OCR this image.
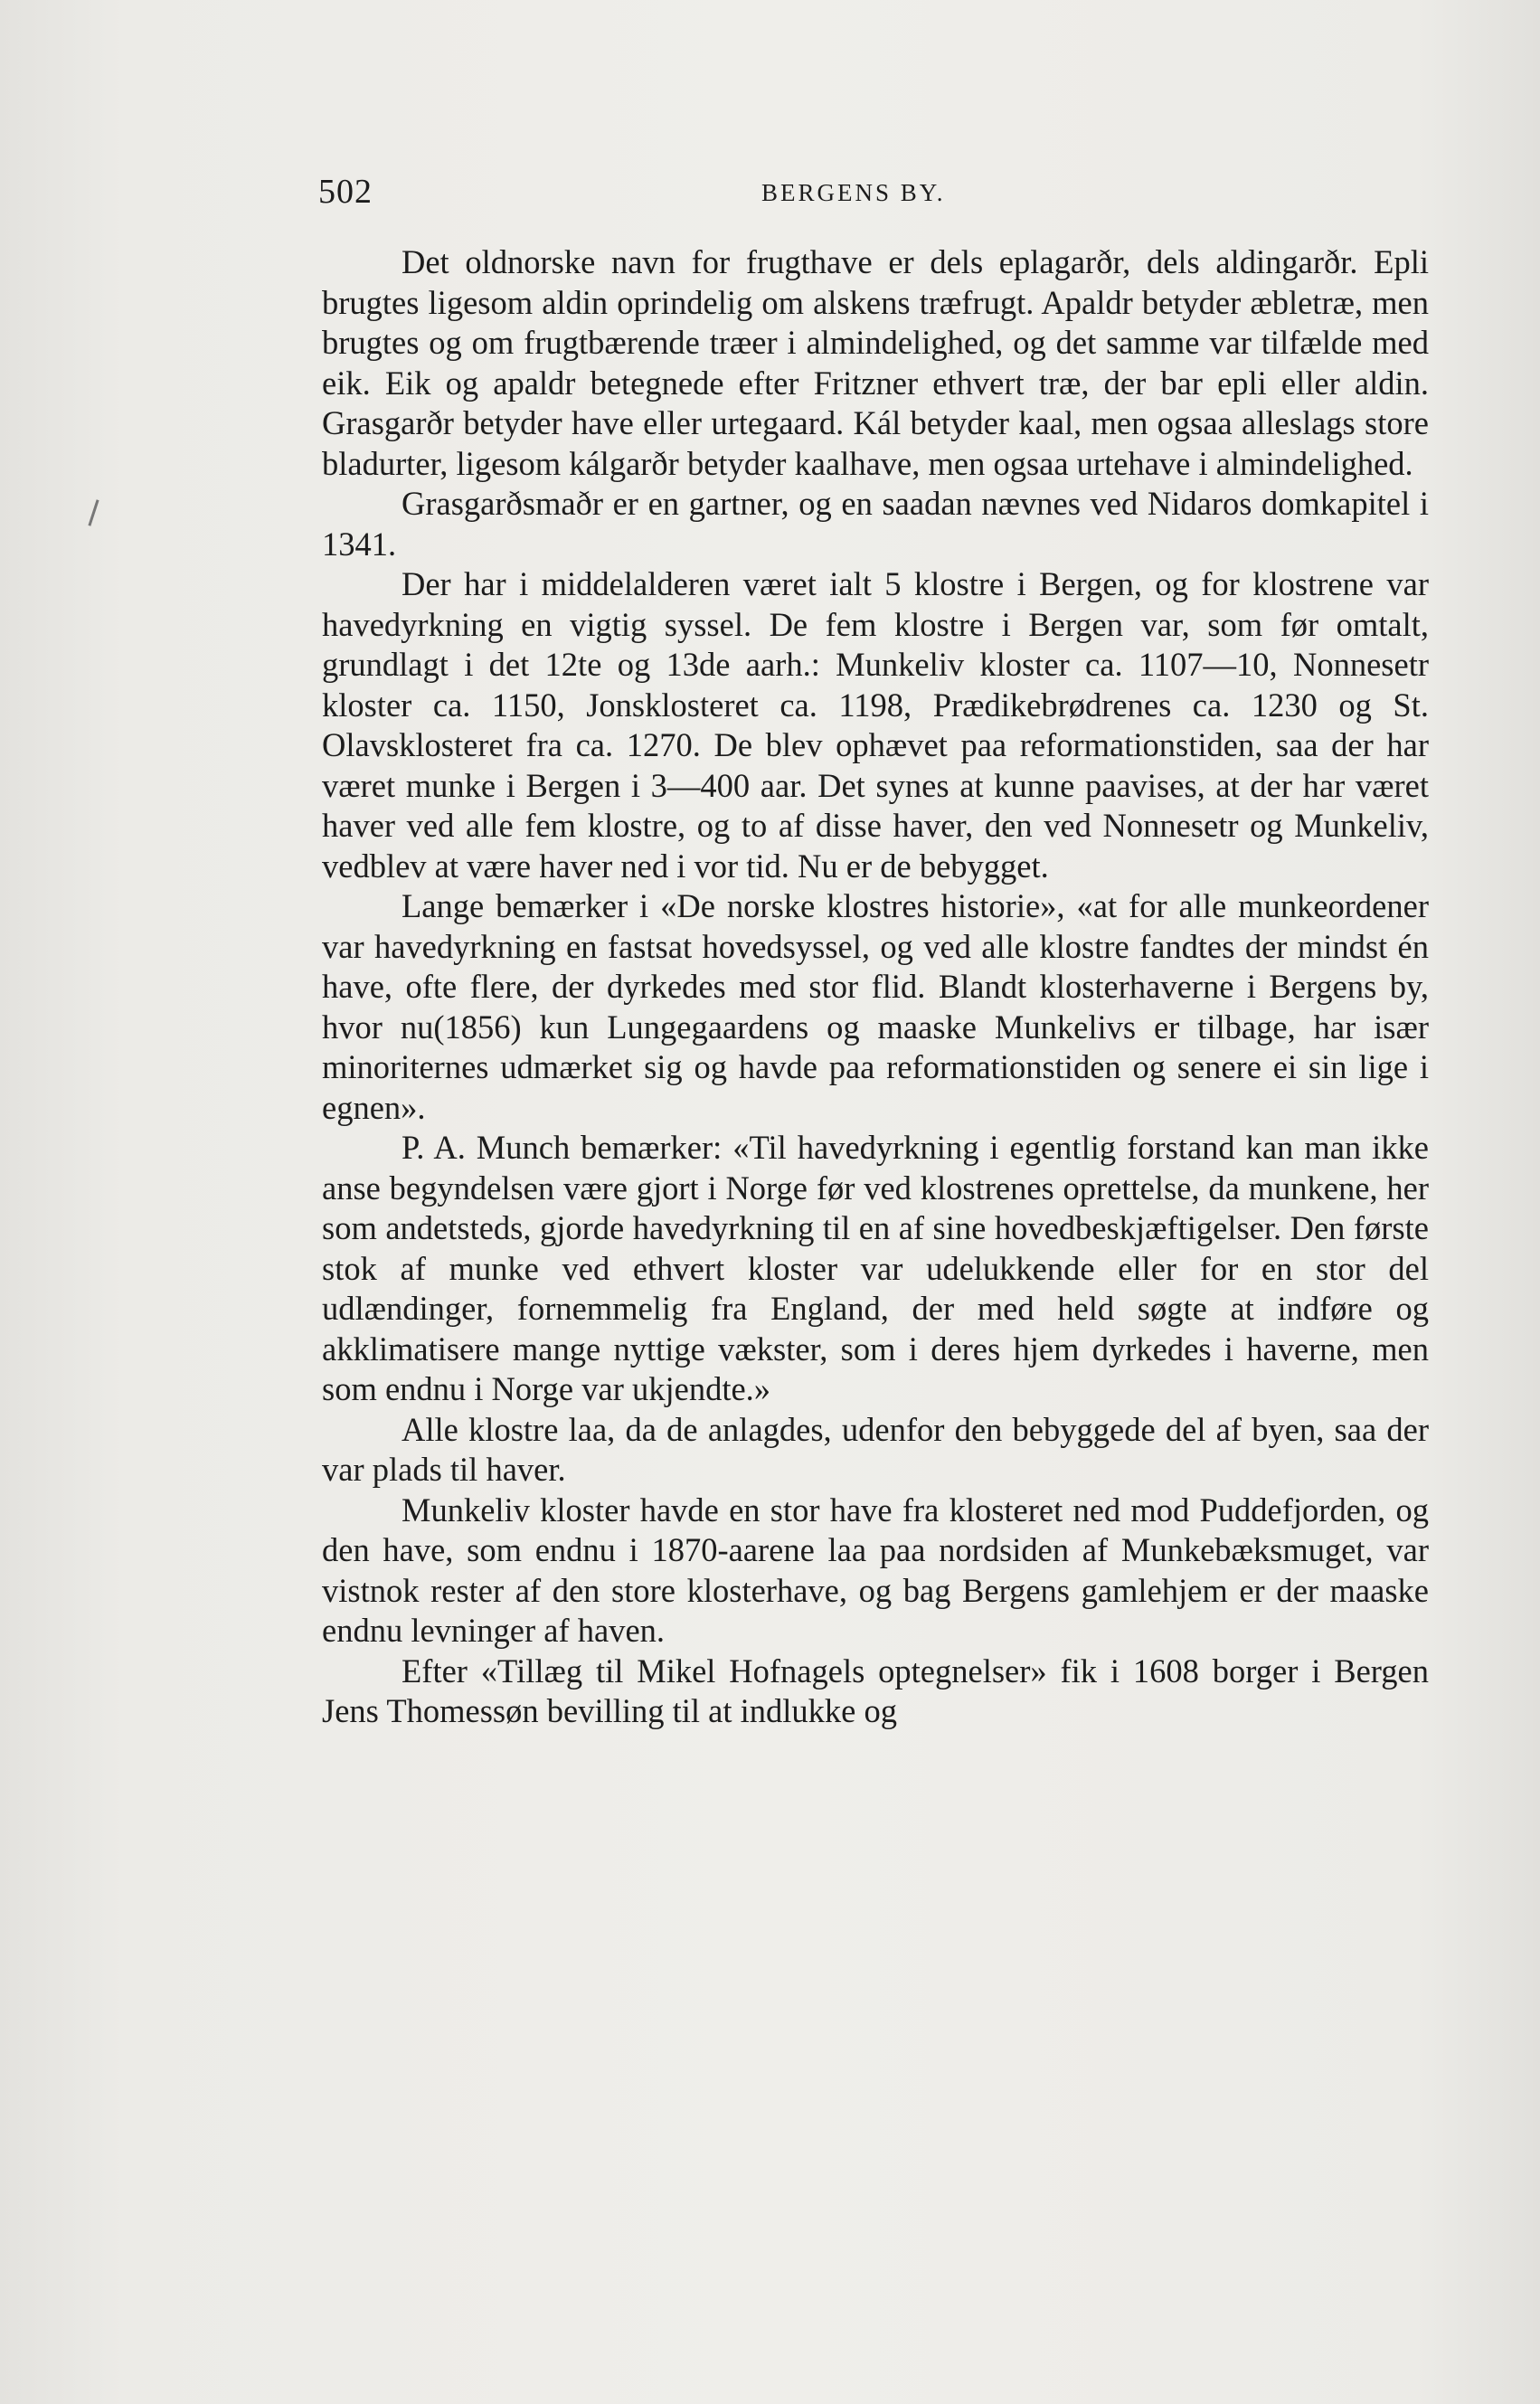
502	BERGENS BY.

Det oldnorske navn for frugthave er dels eplagarðr, dels aldingarðr. Epli brugtes ligesom aldin oprindelig om alskens træfrugt. Apaldr betyder æbletræ, men brugtes og om frugtbærende træer i almindelighed, og det samme var tilfælde med eik. Eik og apaldr betegnede efter Fritzner ethvert træ, der bar epli eller aldin. Grasgarðr betyder have eller urtegaard. Kál betyder kaal, men ogsaa alleslags store bladurter, ligesom kálgarðr betyder kaalhave, men ogsaa urtehave i almindelighed.

Grasgarðsmaðr er en gartner, og en saadan nævnes ved Nidaros domkapitel i 1341.

Der har i middelalderen været ialt 5 klostre i Bergen, og for klostrene var havedyrkning en vigtig syssel. De fem klostre i Bergen var, som før omtalt, grundlagt i det 12te og 13de aarh.: Munkeliv kloster ca. 1107—10, Nonnesetr kloster ca. 1150, Jonsklosteret ca. 1198, Prædikebrødrenes ca. 1230 og St. Olavsklosteret fra ca. 1270. De blev ophævet paa reformationstiden, saa der har været munke i Bergen i 3—400 aar. Det synes at kunne paavises, at der har været haver ved alle fem klostre, og to af disse haver, den ved Nonnesetr og Munkeliv, vedblev at være haver ned i vor tid. Nu er de bebygget.

Lange bemærker i «De norske klostres historie», «at for alle munkeordener var havedyrkning en fastsat hovedsyssel, og ved alle klostre fandtes der mindst én have, ofte flere, der dyrkedes med stor flid. Blandt klosterhaverne i Bergens by, hvor nu(1856) kun Lungegaardens og maaske Munkelivs er tilbage, har især minoriternes udmærket sig og havde paa reformationstiden og senere ei sin lige i egnen».

P. A. Munch bemærker: «Til havedyrkning i egentlig forstand kan man ikke anse begyndelsen være gjort i Norge før ved klostrenes oprettelse, da munkene, her som andetsteds, gjorde havedyrkning til en af sine hovedbeskjæftigelser. Den første stok af munke ved ethvert kloster var udelukkende eller for en stor del udlændinger, fornemmelig fra England, der med held søgte at indføre og akklimatisere mange nyttige vækster, som i deres hjem dyrkedes i haverne, men som endnu i Norge var ukjendte.»

Alle klostre laa, da de anlagdes, udenfor den bebyggede del af byen, saa der var plads til haver.

Munkeliv kloster havde en stor have fra klosteret ned mod Puddefjorden, og den have, som endnu i 1870-aarene laa paa nordsiden af Munkebæksmuget, var vistnok rester af den store klosterhave, og bag Bergens gamlehjem er der maaske endnu levninger af haven.

Efter «Tillæg til Mikel Hofnagels optegnelser» fik i 1608 borger i Bergen Jens Thomessøn bevilling til at indlukke og
